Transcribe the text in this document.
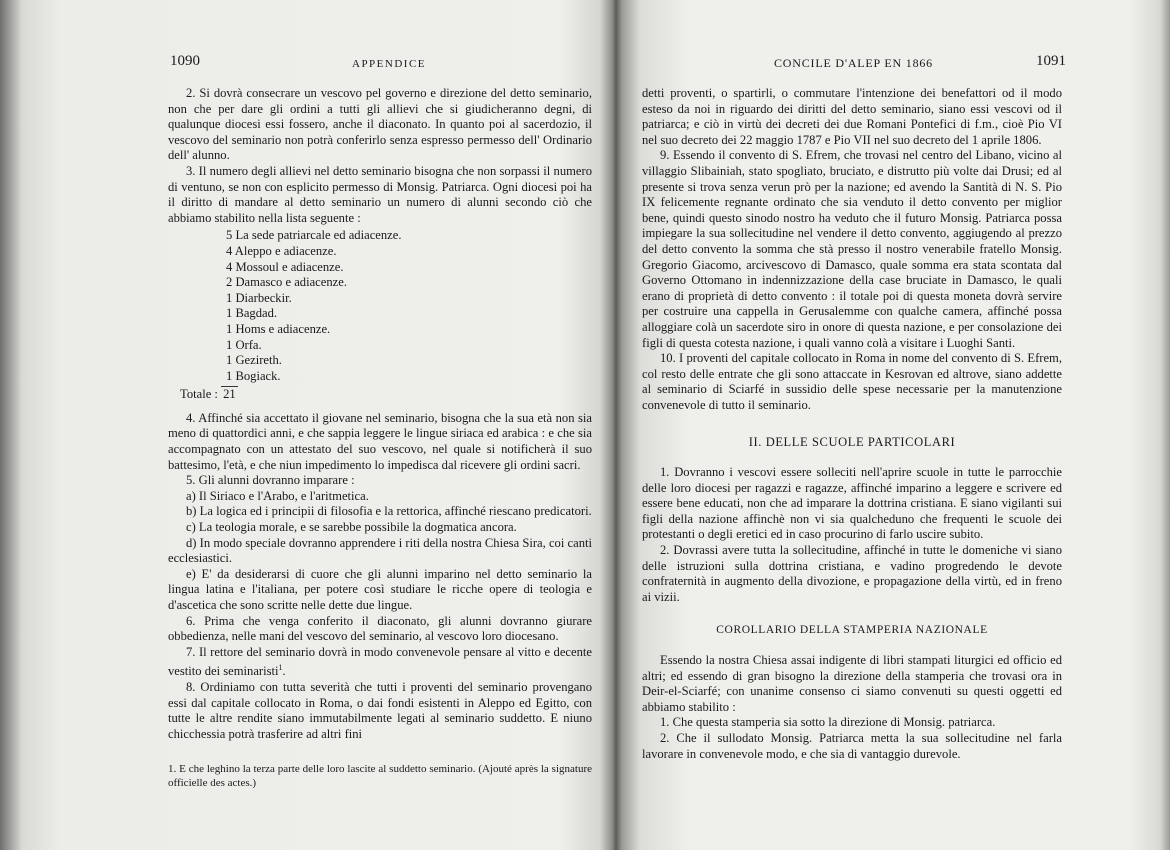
1090	APPENDICE

2. Si dovrà consecrare un vescovo pel governo e direzione del detto seminario, non che per dare gli ordini a tutti gli allievi che si giudicheranno degni, di qualunque diocesi essi fossero, anche il diaconato. In quanto poi al sacerdozio, il vescovo del seminario non potrà conferirlo senza espresso permesso dell' Ordinario dell' alunno.

3. Il numero degli allievi nel detto seminario bisogna che non sorpassi il numero di ventuno, se non con esplicito permesso di Monsig. Patriarca. Ogni diocesi poi ha il diritto di mandare al detto seminario un numero di alunni secondo ciò che abbiamo stabilito nella lista seguente :

5 La sede patriarcale ed adiacenze.
4 Aleppo e adiacenze.
4 Mossoul e adiacenze.
2 Damasco e adiacenze.
1 Diarbeckir.
1 Bagdad.
1 Homs e adiacenze.
1 Orfa.
1 Gezireth.
1 Bogiack.
Totale : 21

4. Affinché sia accettato il giovane nel seminario, bisogna che la sua età non sia meno di quattordici anni, e che sappia leggere le lingue siriaca ed arabica : e che sia accompagnato con un attestato del suo vescovo, nel quale si notificherà il suo battesimo, l'età, e che niun impedimento lo impedisca dal ricevere gli ordini sacri.

5. Gli alunni dovranno imparare :

a) Il Siriaco e l'Arabo, e l'aritmetica.

b) La logica ed i principii di filosofia e la rettorica, affinché riescano predicatori.

c) La teologia morale, e se sarebbe possibile la dogmatica ancora.

d) In modo speciale dovranno apprendere i riti della nostra Chiesa Sira, coi canti ecclesiastici.

e) E' da desiderarsi di cuore che gli alunni imparino nel detto seminario la lingua latina e l'italiana, per potere così studiare le ricche opere di teologia e d'ascetica che sono scritte nelle dette due lingue.

6. Prima che venga conferito il diaconato, gli alunni dovranno giurare obbedienza, nelle mani del vescovo del seminario, al vescovo loro diocesano.

7. Il rettore del seminario dovrà in modo convenevole pensare al vitto e decente vestito dei seminaristi$^1$.

8. Ordiniamo con tutta severità che tutti i proventi del seminario provengano essi dal capitale collocato in Roma, o dai fondi esistenti in Aleppo ed Egitto, con tutte le altre rendite siano immutabilmente legati al seminario suddetto. E niuno chicchessia potrà trasferire ad altri fini

1. E che leghino la terza parte delle loro lascite al suddetto seminario. (Ajouté après la signature officielle des actes.)
CONCILE D'ALEP EN 1866	1091

detti proventi, o spartirli, o commutare l'intenzione dei benefattori od il modo esteso da noi in riguardo dei diritti del detto seminario, siano essi vescovi od il patriarca; e ciò in virtù dei decreti dei due Romani Pontefici di f.m., cioè Pio VI nel suo decreto dei 22 maggio 1787 e Pio VII nel suo decreto del 1 aprile 1806.

9. Essendo il convento di S. Efrem, che trovasi nel centro del Libano, vicino al villaggio Slibainiah, stato spogliato, bruciato, e distrutto più volte dai Drusi; ed al presente si trova senza verun prò per la nazione; ed avendo la Santità di N. S. Pio IX felicemente regnante ordinato che sia venduto il detto convento per miglior bene, quindi questo sinodo nostro ha veduto che il futuro Monsig. Patriarca possa impiegare la sua sollecitudine nel vendere il detto convento, aggiugendo al prezzo del detto convento la somma che stà presso il nostro venerabile fratello Monsig. Gregorio Giacomo, arcivescovo di Damasco, quale somma era stata scontata dal Governo Ottomano in indennizzazione della case bruciate in Damasco, le quali erano di proprietà di detto convento : il totale poi di questa moneta dovrà servire per costruire una cappella in Gerusalemme con qualche camera, affinché possa alloggiare colà un sacerdote siro in onore di questa nazione, e per consolazione dei figli di questa cotesta nazione, i quali vanno colà a visitare i Luoghi Santi.

10. I proventi del capitale collocato in Roma in nome del convento di S. Efrem, col resto delle entrate che gli sono attaccate in Kesrovan ed altrove, siano addette al seminario di Sciarfé in sussidio delle spese necessarie per la manutenzione convenevole di tutto il seminario.

II. DELLE SCUOLE PARTICOLARI

1. Dovranno i vescovi essere solleciti nell'aprire scuole in tutte le parrocchie delle loro diocesi per ragazzi e ragazze, affinché imparino a leggere e scrivere ed essere bene educati, non che ad imparare la dottrina cristiana. E siano vigilanti sui figli della nazione affinchè non vi sia qualcheduno che frequenti le scuole dei protestanti o degli eretici ed in caso procurino di farlo uscire subito.

2. Dovrassi avere tutta la sollecitudine, affinché in tutte le domeniche vi siano delle istruzioni sulla dottrina cristiana, e vadino progredendo le devote confraternità in augmento della divozione, e propagazione della virtù, ed in freno ai vizii.

COROLLARIO DELLA STAMPERIA NAZIONALE

Essendo la nostra Chiesa assai indigente di libri stampati liturgici ed officio ed altri; ed essendo di gran bisogno la direzione della stamperia che trovasi ora in Deir-el-Sciarfé; con unanime consenso ci siamo convenuti su questi oggetti ed abbiamo stabilito :

1. Che questa stamperia sia sotto la direzione di Monsig. patriarca.

2. Che il sullodato Monsig. Patriarca metta la sua sollecitudine nel farla lavorare in convenevole modo, e che sia di vantaggio durevole.
